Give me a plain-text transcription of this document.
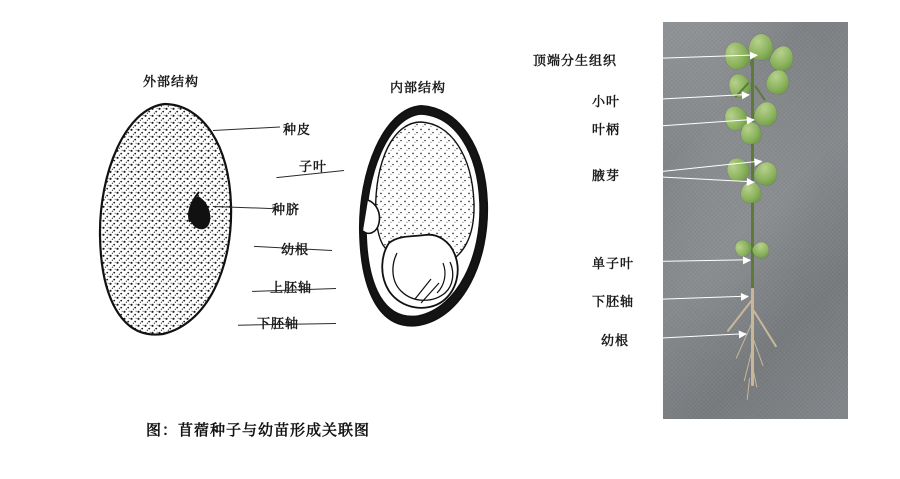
外部结构	内部结构
种皮
子叶
种脐
幼根
上胚轴
下胚轴
图：苜蓿种子与幼苗形成关联图
顶端分生组织
小叶
叶柄
腋芽
单子叶
下胚轴
幼根
